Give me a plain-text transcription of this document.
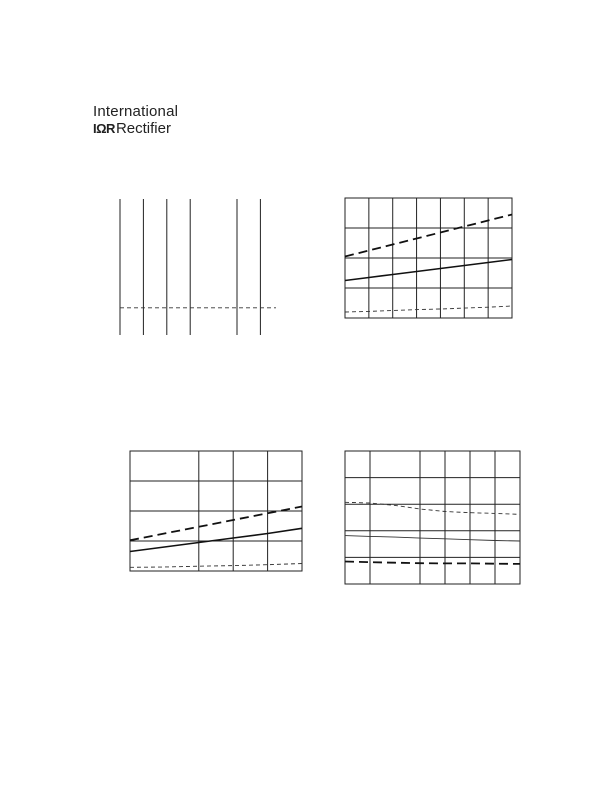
International
IΩR Rectifier
